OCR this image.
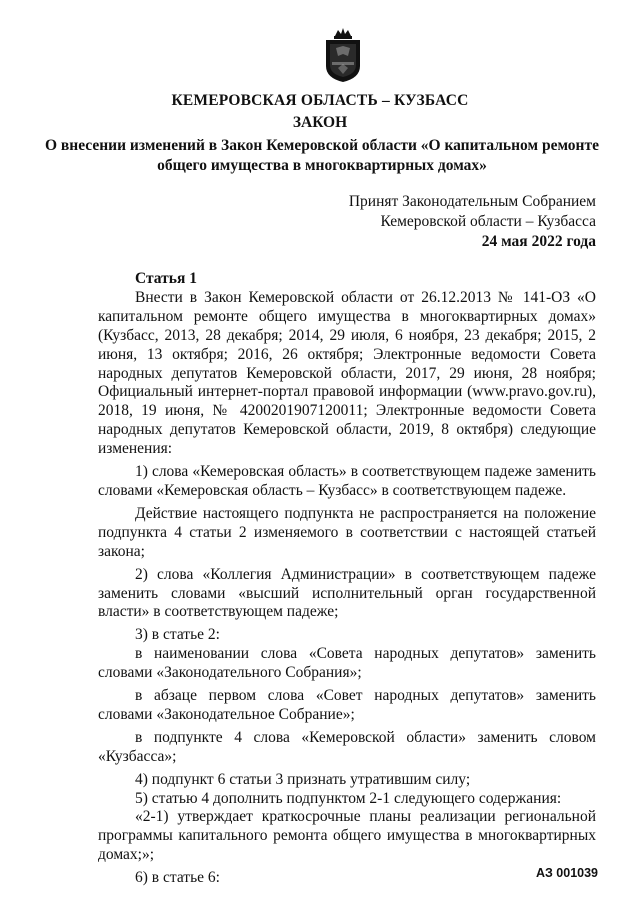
КЕМЕРОВСКАЯ ОБЛАСТЬ – КУЗБАСС
ЗАКОН
О внесении изменений в Закон Кемеровской области «О капитальном ремонте общего имущества в многоквартирных домах»
Принят Законодательным Собранием
Кемеровской области – Кузбасса
24 мая 2022 года
Статья 1

Внести в Закон Кемеровской области от 26.12.2013 № 141-ОЗ «О капитальном ремонте общего имущества в многоквартирных домах» (Кузбасс, 2013, 28 декабря; 2014, 29 июля, 6 ноября, 23 декабря; 2015, 2 июня, 13 октября; 2016, 26 октября; Электронные ведомости Совета народных депутатов Кемеровской области, 2017, 29 июня, 28 ноября; Официальный интернет-портал правовой информации (www.pravo.gov.ru), 2018, 19 июня, № 4200201907120011; Электронные ведомости Совета народных депутатов Кемеровской области, 2019, 8 октября) следующие изменения:

1) слова «Кемеровская область» в соответствующем падеже заменить словами «Кемеровская область – Кузбасс» в соответствующем падеже.

Действие настоящего подпункта не распространяется на положение подпункта 4 статьи 2 изменяемого в соответствии с настоящей статьей закона;

2) слова «Коллегия Администрации» в соответствующем падеже заменить словами «высший исполнительный орган государственной власти» в соответствующем падеже;

3) в статье 2:

в наименовании слова «Совета народных депутатов» заменить словами «Законодательного Собрания»;

в абзаце первом слова «Совет народных депутатов» заменить словами «Законодательное Собрание»;

в подпункте 4 слова «Кемеровской области» заменить словом «Кузбасса»;

4) подпункт 6 статьи 3 признать утратившим силу;

5) статью 4 дополнить подпунктом 2-1 следующего содержания:

«2-1) утверждает краткосрочные планы реализации региональной программы капитального ремонта общего имущества в многоквартирных домах;»;

6) в статье 6:	АЗ 001039
